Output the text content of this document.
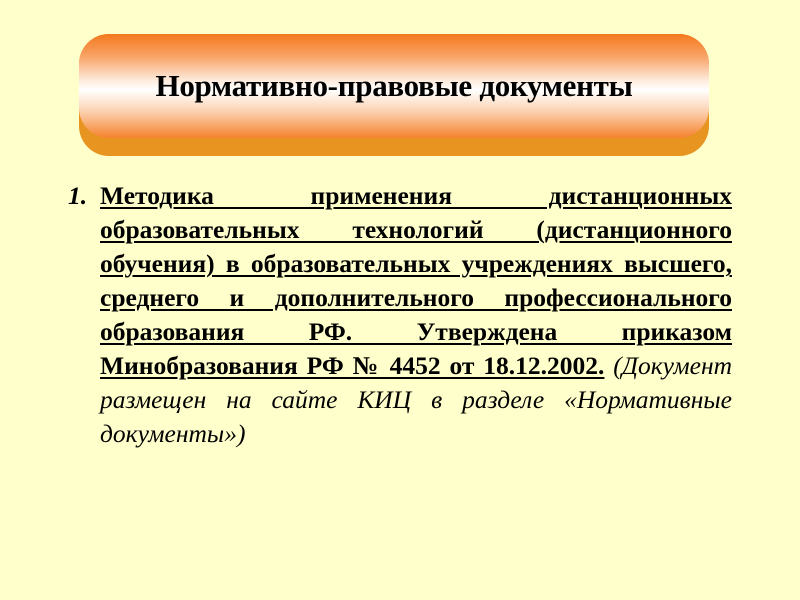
Нормативно-правовые документы
1. Методика применения дистанционных образовательных технологий (дистанционного обучения) в образовательных учреждениях высшего, среднего и дополнительного профессионального образования РФ. Утверждена приказом Минобразования РФ № 4452 от 18.12.2002. (Документ размещен на сайте КИЦ в разделе «Нормативные документы»)
